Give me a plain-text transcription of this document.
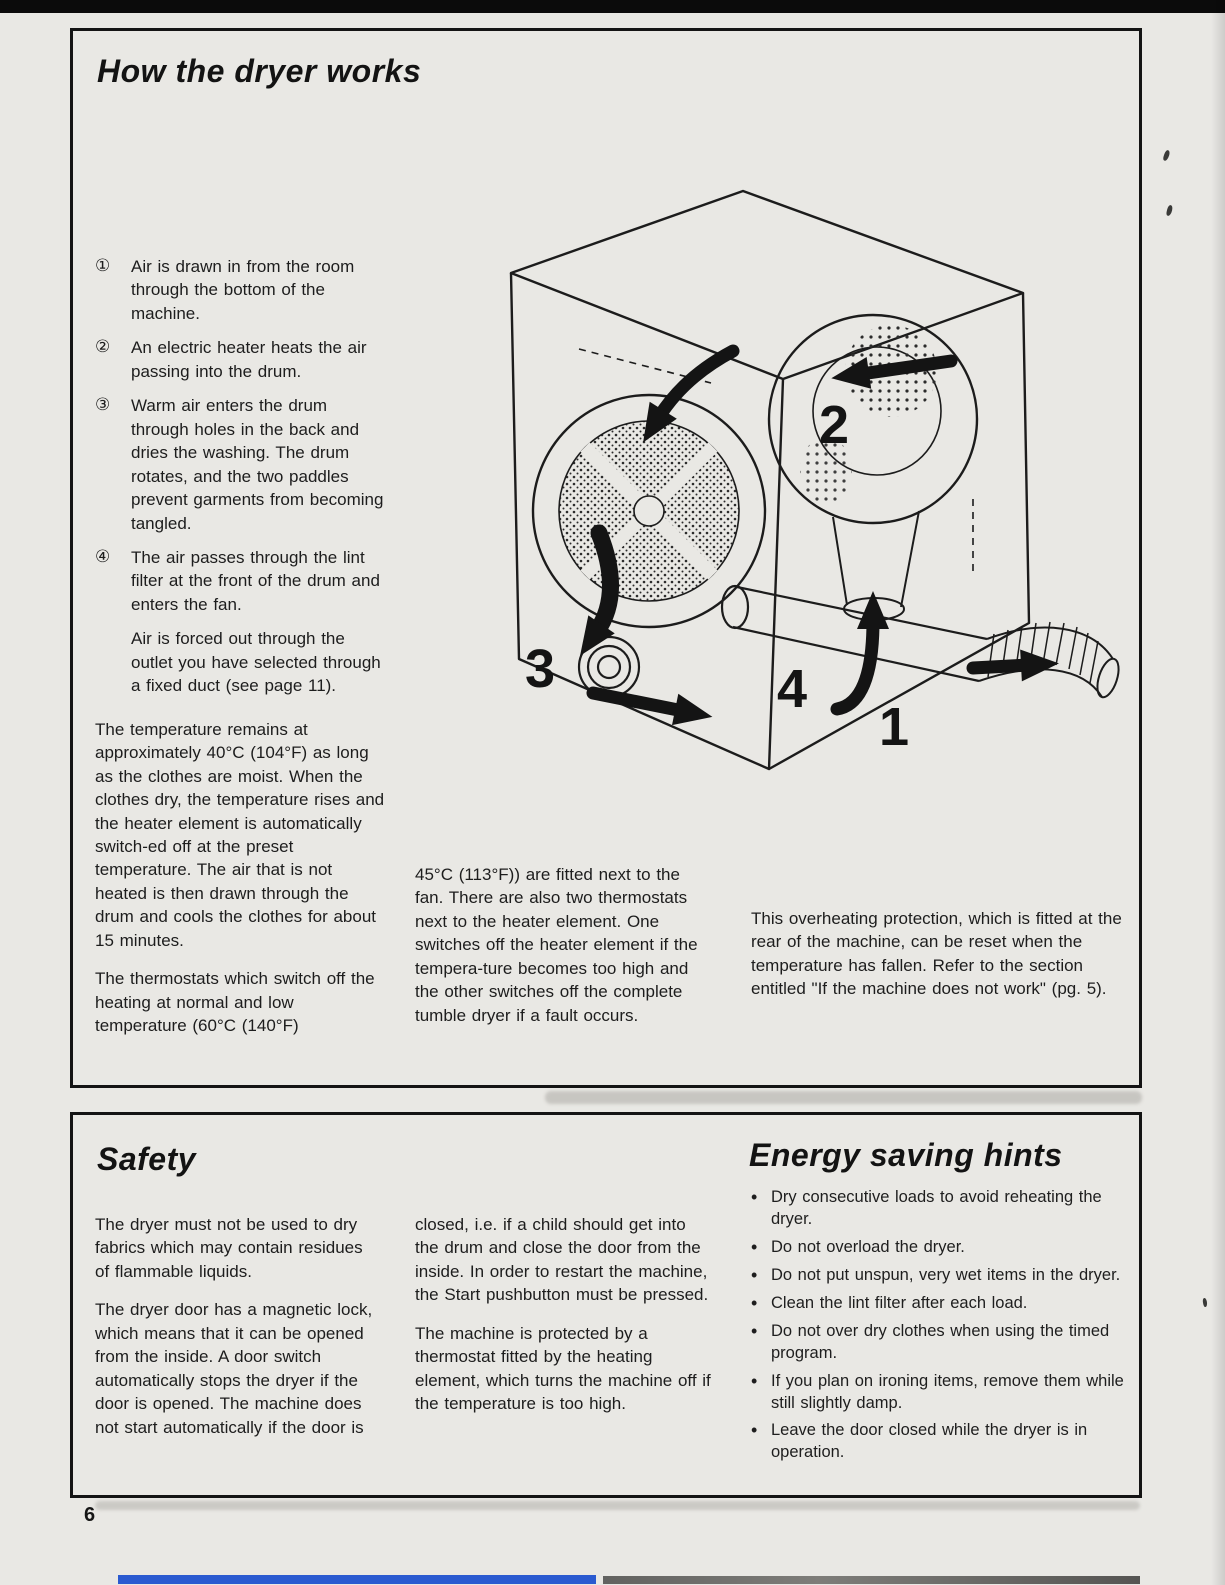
How the dryer works
①	Air is drawn in from the room through the bottom of the machine.
②	An electric heater heats the air passing into the drum.
③	Warm air enters the drum through holes in the back and dries the washing. The drum rotates, and the two paddles prevent garments from becoming tangled.
④	The air passes through the lint filter at the front of the drum and enters the fan.

Air is forced out through the outlet you have selected through a fixed duct (see page 11).

The temperature remains at approximately 40°C (104°F) as long as the clothes are moist. When the clothes dry, the temperature rises and the heater element is automatically switch-ed off at the preset temperature. The air that is not heated is then drawn through the drum and cools the clothes for about 15 minutes.

The thermostats which switch off the heating at normal and low temperature (60°C (140°F)

1
2
3	4

45°C (113°F)) are fitted next to the fan. There are also two thermostats next to the heater element. One switches off the heater element if the tempera-ture becomes too high and the other switches off the complete tumble dryer if a fault occurs.

This overheating protection, which is fitted at the rear of the machine, can be reset when the temperature has fallen. Refer to the section entitled "If the machine does not work" (pg. 5).

Safety	Energy saving hints

The dryer must not be used to dry fabrics which may contain residues of flammable liquids.

The dryer door has a magnetic lock, which means that it can be opened from the inside. A door switch automatically stops the dryer if the door is opened. The machine does not start automatically if the door is

closed, i.e. if a child should get into the drum and close the door from the inside. In order to restart the machine, the Start pushbutton must be pressed.

The machine is protected by a thermostat fitted by the heating element, which turns the machine off if the temperature is too high.

• Dry consecutive loads to avoid reheating the dryer.
• Do not overload the dryer.
• Do not put unspun, very wet items in the dryer.
• Clean the lint filter after each load.
• Do not over dry clothes when using the timed program.
• If you plan on ironing items, remove them while still slightly damp.
• Leave the door closed while the dryer is in operation.
6
